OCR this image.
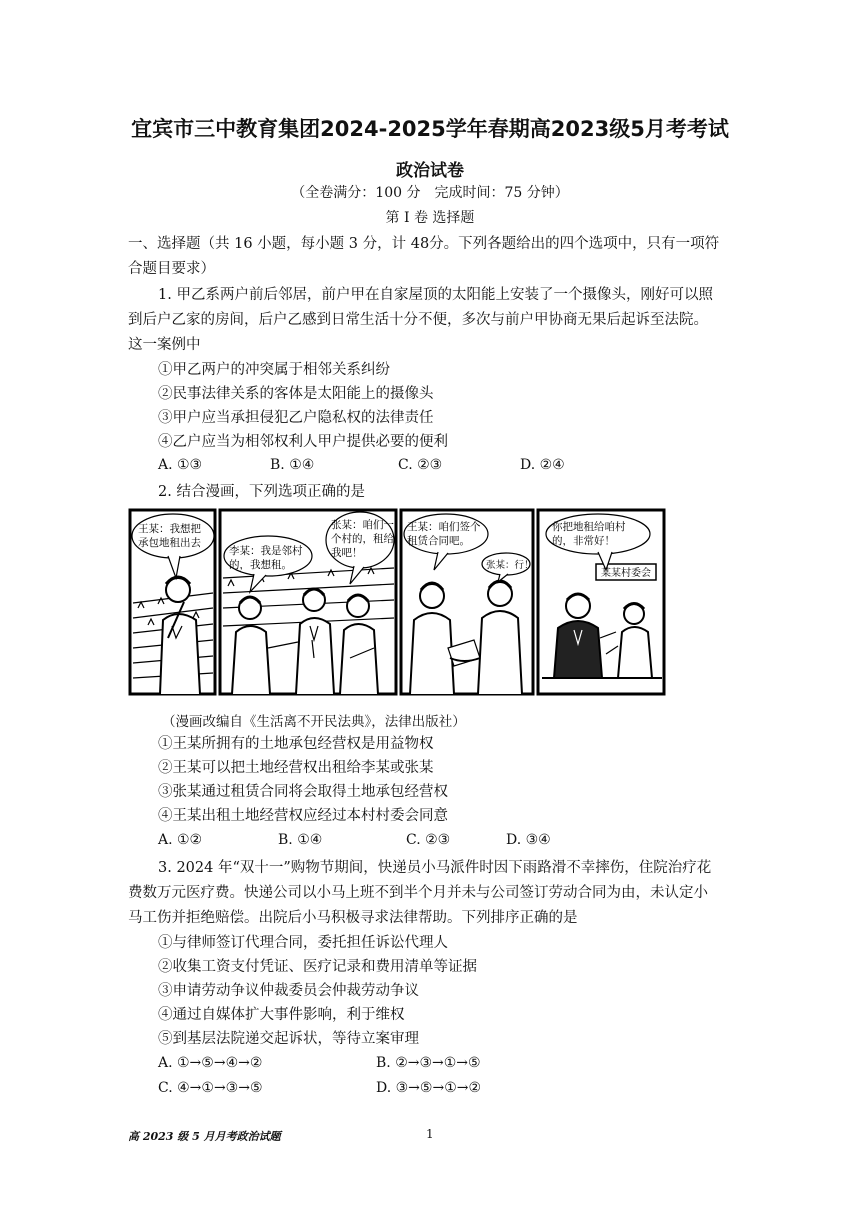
宜宾市三中教育集团2024-2025学年春期高2023级5月考考试
政治试卷
（全卷满分：100 分　完成时间：75 分钟）
第 I 卷 选择题
一、选择题（共 16 小题，每小题 3 分，计 48分。下列各题给出的四个选项中，只有一项符
合题目要求）
1. 甲乙系两户前后邻居，前户甲在自家屋顶的太阳能上安装了一个摄像头，刚好可以照
到后户乙家的房间，后户乙感到日常生活十分不便，多次与前户甲协商无果后起诉至法院。
这一案例中
①甲乙两户的冲突属于相邻关系纠纷
②民事法律关系的客体是太阳能上的摄像头
③甲户应当承担侵犯乙户隐私权的法律责任
④乙户应当为相邻权利人甲户提供必要的便利
A. ①③	B. ①④	C. ②③	D. ②④
2. 结合漫画，下列选项正确的是
王某：我想把
承包地租出去
李某：我是邻村
的，我想租。
张某：咱们一
个村的，租给
我吧！
王某：咱们签个
租赁合同吧。
张某：行！
你把地租给咱村
的，非常好！
某某村委会
（漫画改编自《生活离不开民法典》，法律出版社）
①王某所拥有的土地承包经营权是用益物权
②王某可以把土地经营权出租给李某或张某
③张某通过租赁合同将会取得土地承包经营权
④王某出租土地经营权应经过本村村委会同意
A. ①②	B. ①④	C. ②③	D. ③④
3. 2024 年“双十一”购物节期间，快递员小马派件时因下雨路滑不幸摔伤，住院治疗花
费数万元医疗费。快递公司以小马上班不到半个月并未与公司签订劳动合同为由，未认定小
马工伤并拒绝赔偿。出院后小马积极寻求法律帮助。下列排序正确的是
①与律师签订代理合同，委托担任诉讼代理人
②收集工资支付凭证、医疗记录和费用清单等证据
③申请劳动争议仲裁委员会仲裁劳动争议
④通过自媒体扩大事件影响，利于维权
⑤到基层法院递交起诉状，等待立案审理
A. ①→⑤→④→②	B. ②→③→①→⑤
C. ④→①→③→⑤	D. ③→⑤→①→②
高 2023 级 5 月月考政治试题	1
